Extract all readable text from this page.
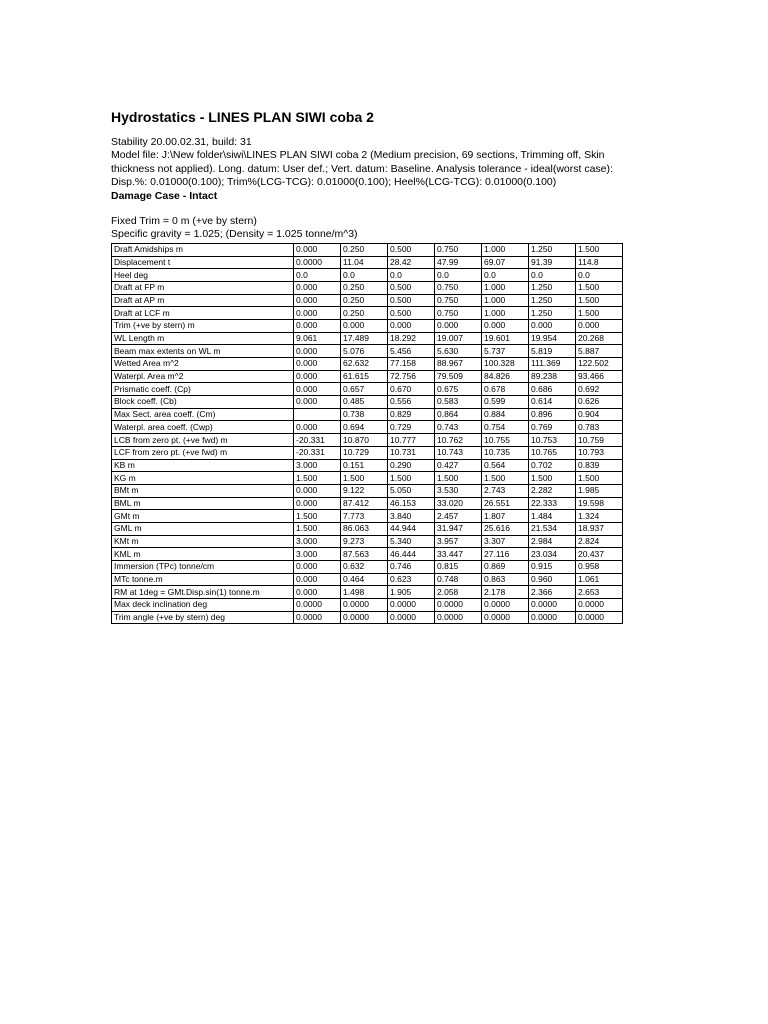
Hydrostatics - LINES PLAN SIWI coba 2
Stability 20.00.02.31, build: 31
Model file: J:\New folder\siwi\LINES PLAN SIWI coba 2 (Medium precision, 69 sections, Trimming off, Skin
thickness not applied). Long. datum: User def.; Vert. datum: Baseline. Analysis tolerance - ideal(worst case):
Disp.%: 0.01000(0.100); Trim%(LCG-TCG): 0.01000(0.100); Heel%(LCG-TCG): 0.01000(0.100)
Damage Case - Intact
Fixed Trim = 0 m (+ve by stern)
Specific gravity = 1.025; (Density = 1.025 tonne/m^3)
Draft Amidships m	0.000	0.250	0.500	0.750	1.000	1.250	1.500
Displacement t	0.0000	11.04	28.42	47.99	69.07	91.39	114.8
Heel deg	0.0	0.0	0.0	0.0	0.0	0.0	0.0
Draft at FP m	0.000	0.250	0.500	0.750	1.000	1.250	1.500
Draft at AP m	0.000	0.250	0.500	0.750	1.000	1.250	1.500
Draft at LCF m	0.000	0.250	0.500	0.750	1.000	1.250	1.500
Trim (+ve by stern) m	0.000	0.000	0.000	0.000	0.000	0.000	0.000
WL Length m	9.061	17.489	18.292	19.007	19.601	19.954	20.268
Beam max extents on WL m	0.000	5.076	5.456	5.630	5.737	5.819	5.887
Wetted Area m^2	0.000	62.632	77.158	88.967	100.328	111.369	122.502
Waterpl. Area m^2	0.000	61.615	72.756	79.509	84.826	89.238	93.466
Prismatic coeff. (Cp)	0.000	0.657	0.670	0.675	0.678	0.686	0.692
Block coeff. (Cb)	0.000	0.485	0.556	0.583	0.599	0.614	0.626
Max Sect. area coeff. (Cm)		0.738	0.829	0.864	0.884	0.896	0.904
Waterpl. area coeff. (Cwp)	0.000	0.694	0.729	0.743	0.754	0.769	0.783
LCB from zero pt. (+ve fwd) m	-20.331	10.870	10.777	10.762	10.755	10.753	10.759
LCF from zero pt. (+ve fwd) m	-20.331	10.729	10.731	10.743	10.735	10.765	10.793
KB m	3.000	0.151	0.290	0.427	0.564	0.702	0.839
KG m	1.500	1.500	1.500	1.500	1.500	1.500	1.500
BMt m	0.000	9.122	5.050	3.530	2.743	2.282	1.985
BML m	0.000	87.412	46.153	33.020	26.551	22.333	19.598
GMt m	1.500	7.773	3.840	2.457	1.807	1.484	1.324
GML m	1.500	86.063	44.944	31.947	25.616	21.534	18.937
KMt m	3.000	9.273	5.340	3.957	3.307	2.984	2.824
KML m	3.000	87.563	46.444	33.447	27.116	23.034	20.437
Immersion (TPc) tonne/cm	0.000	0.632	0.746	0.815	0.869	0.915	0.958
MTc tonne.m	0.000	0.464	0.623	0.748	0.863	0.960	1.061
RM at 1deg = GMt.Disp.sin(1) tonne.m	0.000	1.498	1.905	2.058	2.178	2.366	2.653
Max deck inclination deg	0.0000	0.0000	0.0000	0.0000	0.0000	0.0000	0.0000
Trim angle (+ve by stern) deg	0.0000	0.0000	0.0000	0.0000	0.0000	0.0000	0.0000
